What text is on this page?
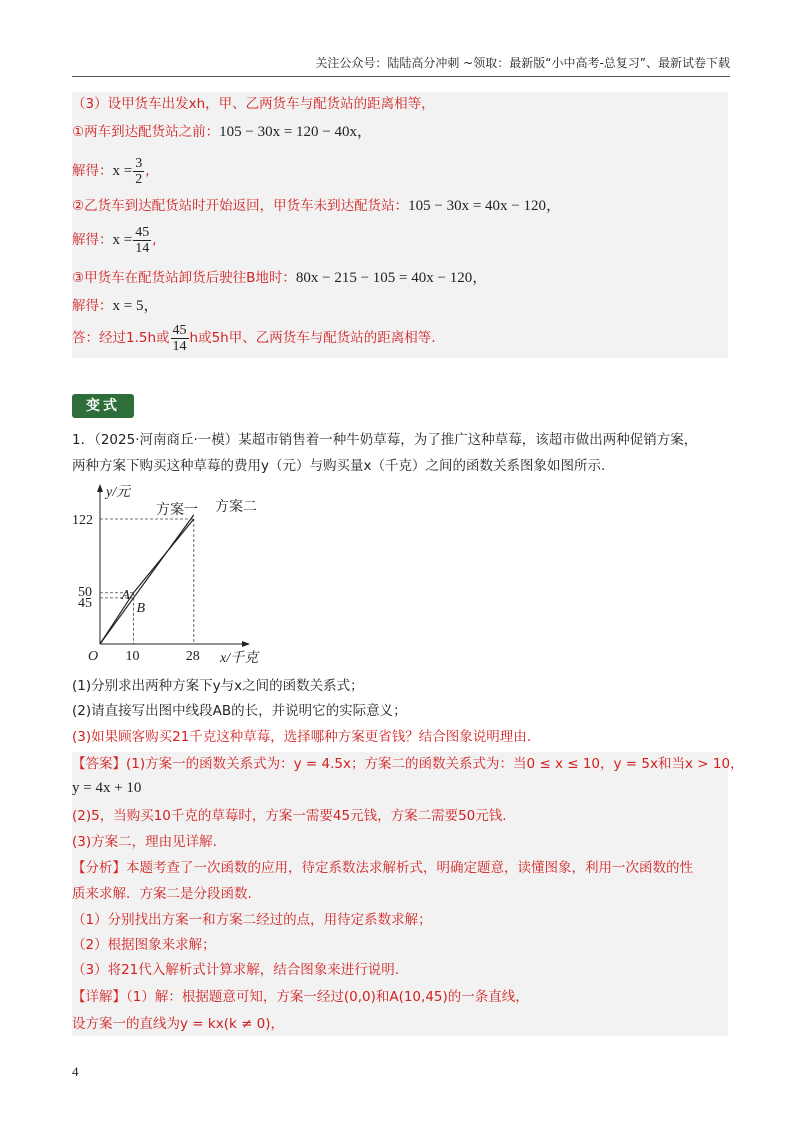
关注公众号：陆陆高分冲刺 ~领取：最新版“小中高考-总复习”、最新试卷下载
（3）设甲货车出发xh，甲、乙两货车与配货站的距离相等，
①两车到达配货站之前：105 − 30x = 120 − 40x，
解得：$x = \frac{3}{2}$ ,
②乙货车到达配货站时开始返回，甲货车未到达配货站：105 − 30x = 40x − 120，
解得：$x = \frac{45}{14}$ ,
③甲货车在配货站卸货后驶往B地时：80x − 215 − 105 = 40x − 120，
解得：x = 5，
答：经过1.5h或 $\frac{45}{14}$ h或5h甲、乙两货车与配货站的距离相等.
变式
1．（2025·河南商丘·一模）某超市销售着一种牛奶草莓，为了推广这种草莓，该超市做出两种促销方案，
两种方案下购买这种草莓的费用y（元）与购买量x（千克）之间的函数关系图象如图所示.
122
50
45
10	28
O
y/元
x/千克
A
B
方案一 方案二
(1)分别求出两种方案下y与x之间的函数关系式；
(2)请直接写出图中线段AB的长，并说明它的实际意义；
(3)如果顾客购买21千克这种草莓，选择哪种方案更省钱？结合图象说明理由.
【答案】(1)方案一的函数关系式为：y = 4.5x；方案二的函数关系式为：当0 ≤ x ≤ 10，y = 5x和当x > 10，
y = 4x + 10
(2)5，当购买10千克的草莓时，方案一需要45元钱，方案二需要50元钱.
(3)方案二，理由见详解.
【分析】本题考查了一次函数的应用，待定系数法求解析式，明确定题意，读懂图象，利用一次函数的性
质来求解．方案二是分段函数.
（1）分别找出方案一和方案二经过的点，用待定系数求解；
（2）根据图象来求解；
（3）将21代入解析式计算求解，结合图象来进行说明.
【详解】（1）解：根据题意可知，方案一经过(0,0)和A(10,45)的一条直线，
设方案一的直线为y = kx(k ≠ 0)，
4
